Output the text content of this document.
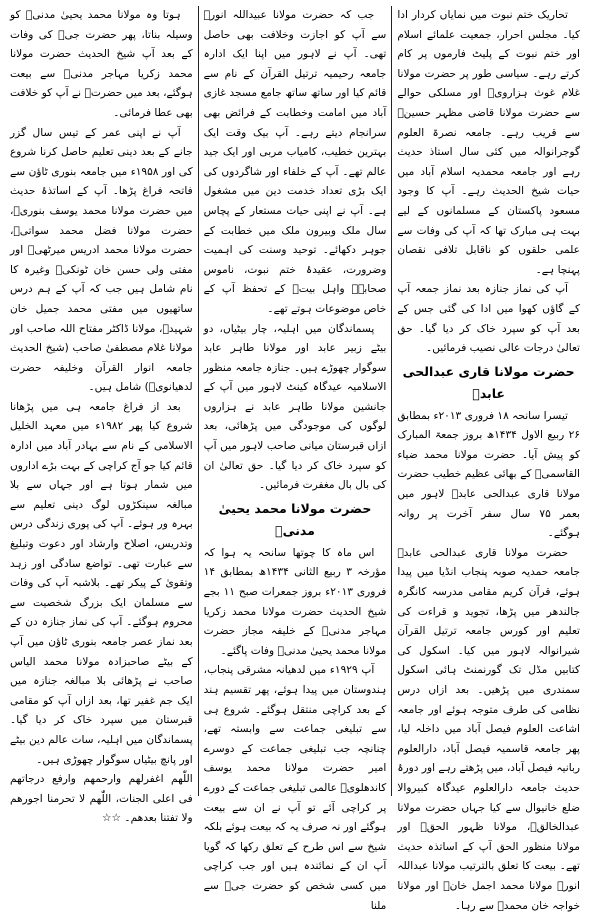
تحاریک ختم نبوت میں نمایاں کردار ادا کیا۔ مجلس احرار، جمعیت علمائے اسلام اور ختم نبوت کے پلیٹ فارموں پر کام کرتے رہے۔ سیاسی طور پر حضرت مولانا غلام غوث ہزارویؒ اور مسلکی حوالے سے حضرت مولانا قاضی مظہر حسینؒ سے قریب رہے۔ جامعہ نصرۃ العلوم گوجرانوالہ میں کئی سال استاذ حدیث رہے اور جامعہ محمدیہ اسلام آباد میں حیات شیخ الحدیث رہے۔ آپ کا وجود مسعود پاکستان کے مسلمانوں کے لیے بہت ہی مبارک تھا کہ آپ کی وفات سے علمی حلقوں کو ناقابل تلافی نقصان پہنچا ہے۔

آپ کی نماز جنازہ بعد نماز جمعہ آپ کے گاؤں کھوا میں ادا کی گئی جس کے بعد آپ کو سپرد خاک کر دیا گیا۔ حق تعالیٰ درجات عالی نصیب فرمائیں۔

حضرت مولانا قاری عبدالحی عابدؒ

تیسرا سانحہ ۱۸ فروری ۲۰۱۳ء بمطابق ۲۶ ربیع الاول ۱۴۳۴ھ بروز جمعۃ المبارک کو پیش آیا۔ حضرت مولانا محمد ضیاء القاسمیؒ کے بھائی عظیم خطیب حضرت مولانا قاری عبدالحی عابدؒ لاہور میں بعمر ۷۵ سال سفر آخرت پر روانہ ہوگئے۔

حضرت مولانا قاری عبدالحی عابدؒ جامعہ حمدیہ صوبہ پنجاب انڈیا میں پیدا ہوئے، قرآن کریم مقامی مدرسہ کانگرہ جالندھر میں پڑھا، تجوید و قراءت کی تعلیم اور کورس جامعہ ترتیل القرآن شیرانوالہ لاہور میں کیا۔ اسکول کی کتابیں مڈل تک گورنمنٹ ہائی اسکول سمندری میں پڑھیں۔ بعد ازاں درس نظامی کی طرف متوجہ ہوئے اور جامعہ اشاعت العلوم فیصل آباد میں داخلہ لیا، پھر جامعہ قاسمیہ فیصل آباد، دارالعلوم ربانیہ فیصل آباد، میں پڑھتے رہے اور دورۂ حدیث جامعہ دارالعلوم عیدگاہ کبیروالا ضلع خانیوال سے کیا جہاں حضرت مولانا عبدالخالقؒ، مولانا ظہور الحقؒ اور مولانا منظور الحق آپ کے اساتذہ حدیث تھے۔ بیعت کا تعلق بالترتیب مولانا عبداللہ انورؒ مولانا محمد اجمل خانؒ اور مولانا خواجہ خان محمدؒ سے رہا۔

جب کہ حضرت مولانا عبیداللہ انورؒ سے آپ کو اجازت وخلافت بھی حاصل تھی۔ آپ نے لاہور میں اپنا ایک ادارہ جامعہ رحیمیہ ترتیل القرآن کے نام سے قائم کیا اور ساتھ ساتھ جامع مسجد غازی آباد میں امامت وخطابت کے فرائض بھی سرانجام دیتے رہے۔ آپ بیک وقت ایک بہترین خطیب، کامیاب مربی اور ایک جید عالم تھے۔ آپ کے خلفاء اور شاگردوں کی ایک بڑی تعداد خدمت دین میں مشغول ہے۔ آپ نے اپنی حیات مستعار کے پچاس سال ملک وبیرون ملک میں خطابت کے جوہر دکھائے۔ توحید وسنت کی اہمیت وضرورت، عقیدۂ ختم نبوت، ناموس صحابہؓ واہل بیتؓ کے تحفظ آپ کے خاص موضوعات ہوتے تھے۔

پسماندگان میں اہلیہ، چار بیٹیاں، دو بیٹے زبیر عابد اور مولانا طاہر عابد سوگوار چھوڑے ہیں۔ جنازہ جامعہ منظور الاسلامیہ عیدگاہ کینٹ لاہور میں آپ کے جانشین مولانا طاہر عابد نے ہزاروں لوگوں کی موجودگی میں پڑھائی، بعد ازاں قبرستان میانی صاحب لاہور میں آپ کو سپرد خاک کر دیا گیا۔ حق تعالیٰ ان کی بال بال مغفرت فرمائیں۔

حضرت مولانا محمد یحییٰ مدنیؒ

اس ماہ کا چوتھا سانحہ یہ ہوا کہ مؤرخہ ۳ ربیع الثانی ۱۴۳۴ھ بمطابق ۱۴ فروری ۲۰۱۳ء بروز جمعرات صبح ۱۱ بجے شیخ الحدیث حضرت مولانا محمد زکریا مہاجر مدنیؒ کے خلیفہ مجاز حضرت مولانا محمد یحییٰ مدنیؒ وفات پاگئے۔

آپ ۱۹۲۹ء میں لدھیانہ مشرقی پنجاب، ہندوستان میں پیدا ہوئے، پھر تقسیم ہند کے بعد کراچی منتقل ہوگئے۔ شروع ہی سے تبلیغی جماعت سے وابستہ تھے، چنانچہ جب تبلیغی جماعت کے دوسرے امیر حضرت مولانا محمد یوسف کاندھلویؒ عالمی تبلیغی جماعت کے دورے پر کراچی آئے تو آپ نے ان سے بیعت ہوگئے اور نہ صرف یہ کہ بیعت ہوئے بلکہ شیخ سے اس طرح کے تعلق رکھا کہ گویا آپ ان کے نمائندہ ہیں اور جب کراچی میں کسی شخص کو حضرت جیؒ سے ملنا

ہوتا وہ مولانا محمد یحییٰ مدنیؒ کو وسیلہ بناتا، پھر حضرت جیؒ کی وفات کے بعد آپ شیخ الحدیث حضرت مولانا محمد زکریا مہاجر مدنیؒ سے بیعت ہوگئے، بعد میں حضرتؒ نے آپ کو خلافت بھی عطا فرمائی۔

آپ نے اپنی عمر کے تیس سال گزر جانے کے بعد دینی تعلیم حاصل کرنا شروع کی اور ۱۹۵۸ء میں جامعہ بنوری ٹاؤن سے فاتحہ فراغ پڑھا۔ آپ کے اساتذۂ حدیث میں حضرت مولانا محمد یوسف بنوریؒ، حضرت مولانا فضل محمد سواتیؒ، حضرت مولانا محمد ادریس میرٹھیؒ اور مفتی ولی حسن خان ٹونکیؒ وغیرہ کا نام شامل ہیں جب کہ آپ کے ہم درس ساتھیوں میں مفتی محمد جمیل خان شہیدؒ، مولانا ڈاکٹر مفتاح اللہ صاحب اور مولانا غلام مصطفیٰ صاحب (شیخ الحدیث جامعہ انوار القرآن وخلیفہ حضرت لدھیانویؒ) شامل ہیں۔

بعد از فراغ جامعہ ہی میں پڑھانا شروع کیا پھر ۱۹۸۲ء میں معہد الخلیل الاسلامی کے نام سے بہادر آباد میں ادارہ قائم کیا جو آج کراچی کے بہت بڑے اداروں میں شمار ہوتا ہے اور جہاں سے بلا مبالغہ سینکڑوں لوگ دینی تعلیم سے بہرہ ور ہوئے۔ آپ کی پوری زندگی درس وتدریس، اصلاح وارشاد اور دعوت وتبلیغ سے عبارت تھی۔ تواضع سادگی اور زہد وتقویٰ کے پیکر تھے۔ بلاشبہ آپ کی وفات سے مسلمان ایک بزرگ شخصیت سے محروم ہوگئے۔ آپ کی نماز جنازہ دن کے بعد نماز عصر جامعہ بنوری ٹاؤن میں آپ کے بیٹے صاحبزادہ مولانا محمد الیاس صاحب نے پڑھائی بلا مبالغہ جنازہ میں ایک جم غفیر تھا، بعد ازاں آپ کو مقامی قبرستان میں سپرد خاک کر دیا گیا۔ پسماندگان میں اہلیہ، سات عالم دین بیٹے اور پانچ بیٹیاں سوگوار چھوڑی ہیں۔

اللّٰھم اغفرلھم وارحمھم وارفع درجاتھم فی اعلی الجنات، اللّٰھم لا تحرمنا اجورھم ولا تفتنا بعدھم۔ ☆☆
